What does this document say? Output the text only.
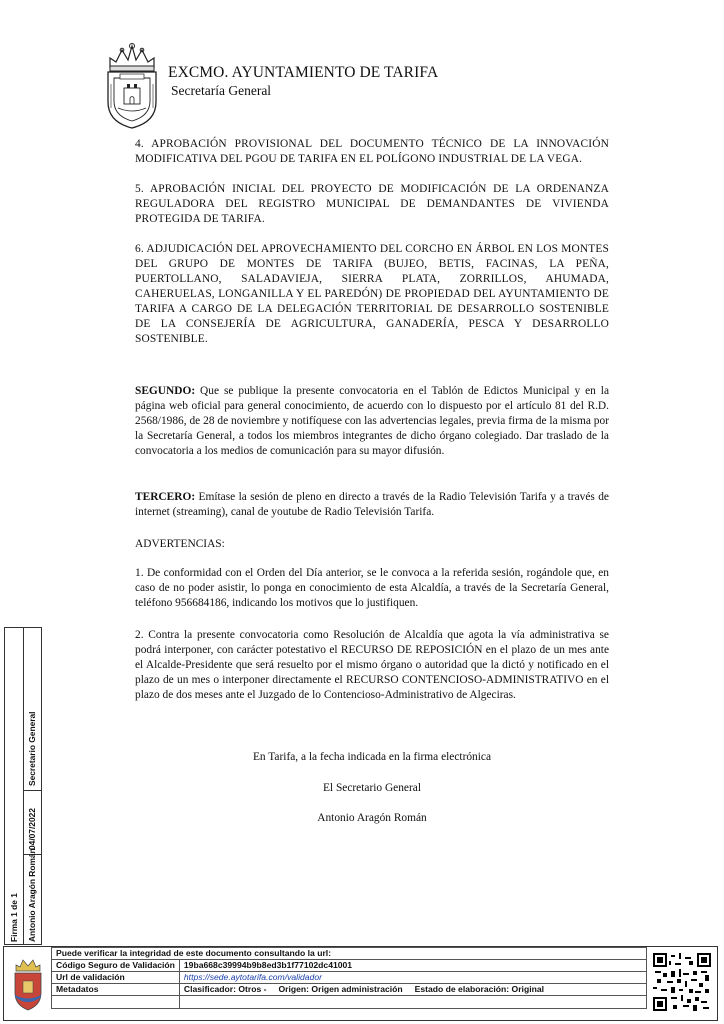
EXCMO. AYUNTAMIENTO DE TARIFA
Secretaría General
4. APROBACIÓN PROVISIONAL DEL DOCUMENTO TÉCNICO DE LA INNOVACIÓN MODIFICATIVA DEL PGOU DE TARIFA EN EL POLÍGONO INDUSTRIAL DE LA VEGA.
5. APROBACIÓN INICIAL DEL PROYECTO DE MODIFICACIÓN DE LA ORDENANZA REGULADORA DEL REGISTRO MUNICIPAL DE DEMANDANTES DE VIVIENDA PROTEGIDA DE TARIFA.
6. ADJUDICACIÓN DEL APROVECHAMIENTO DEL CORCHO EN ÁRBOL EN LOS MONTES DEL GRUPO DE MONTES DE TARIFA (BUJEO, BETIS, FACINAS, LA PEÑA, PUERTOLLANO, SALADAVIEJA, SIERRA PLATA, ZORRILLOS, AHUMADA, CAHERUELAS, LONGANILLA Y EL PAREDÓN) DE PROPIEDAD DEL AYUNTAMIENTO DE TARIFA A CARGO DE LA DELEGACIÓN TERRITORIAL DE DESARROLLO SOSTENIBLE DE LA CONSEJERÍA DE AGRICULTURA, GANADERÍA, PESCA Y DESARROLLO SOSTENIBLE.
SEGUNDO: Que se publique la presente convocatoria en el Tablón de Edictos Municipal y en la página web oficial para general conocimiento, de acuerdo con lo dispuesto por el artículo 81 del R.D. 2568/1986, de 28 de noviembre y notifíquese con las advertencias legales, previa firma de la misma por la Secretaría General, a todos los miembros integrantes de dicho órgano colegiado. Dar traslado de la convocatoria a los medios de comunicación para su mayor difusión.
TERCERO: Emítase la sesión de pleno en directo a través de la Radio Televisión Tarifa y a través de internet (streaming), canal de youtube de Radio Televisión Tarifa.
ADVERTENCIAS:
1. De conformidad con el Orden del Día anterior, se le convoca a la referida sesión, rogándole que, en caso de no poder asistir, lo ponga en conocimiento de esta Alcaldía, a través de la Secretaría General, teléfono 956684186, indicando los motivos que lo justifiquen.
2. Contra la presente convocatoria como Resolución de Alcaldía que agota la vía administrativa se podrá interponer, con carácter potestativo el RECURSO DE REPOSICIÓN en el plazo de un mes ante el Alcalde-Presidente que será resuelto por el mismo órgano o autoridad que la dictó y notificado en el plazo de un mes o interponer directamente el RECURSO CONTENCIOSO-ADMINISTRATIVO en el plazo de dos meses ante el Juzgado de lo Contencioso-Administrativo de Algeciras.
En Tarifa, a la fecha indicada en la firma electrónica
El Secretario General
Antonio Aragón Román
Firma 1 de 1 Antonio Aragón Román
04/07/2022
Secretario General
Puede verificar la integridad de este documento consultando la url:	
Código Seguro de Validación	19ba668c39994b9b8ed3b1f77102dc41001
Url de validación	https://sede.aytotarifa.com/validador
Metadatos	Clasificador: Otros - Origen: Origen administración Estado de elaboración: Original
